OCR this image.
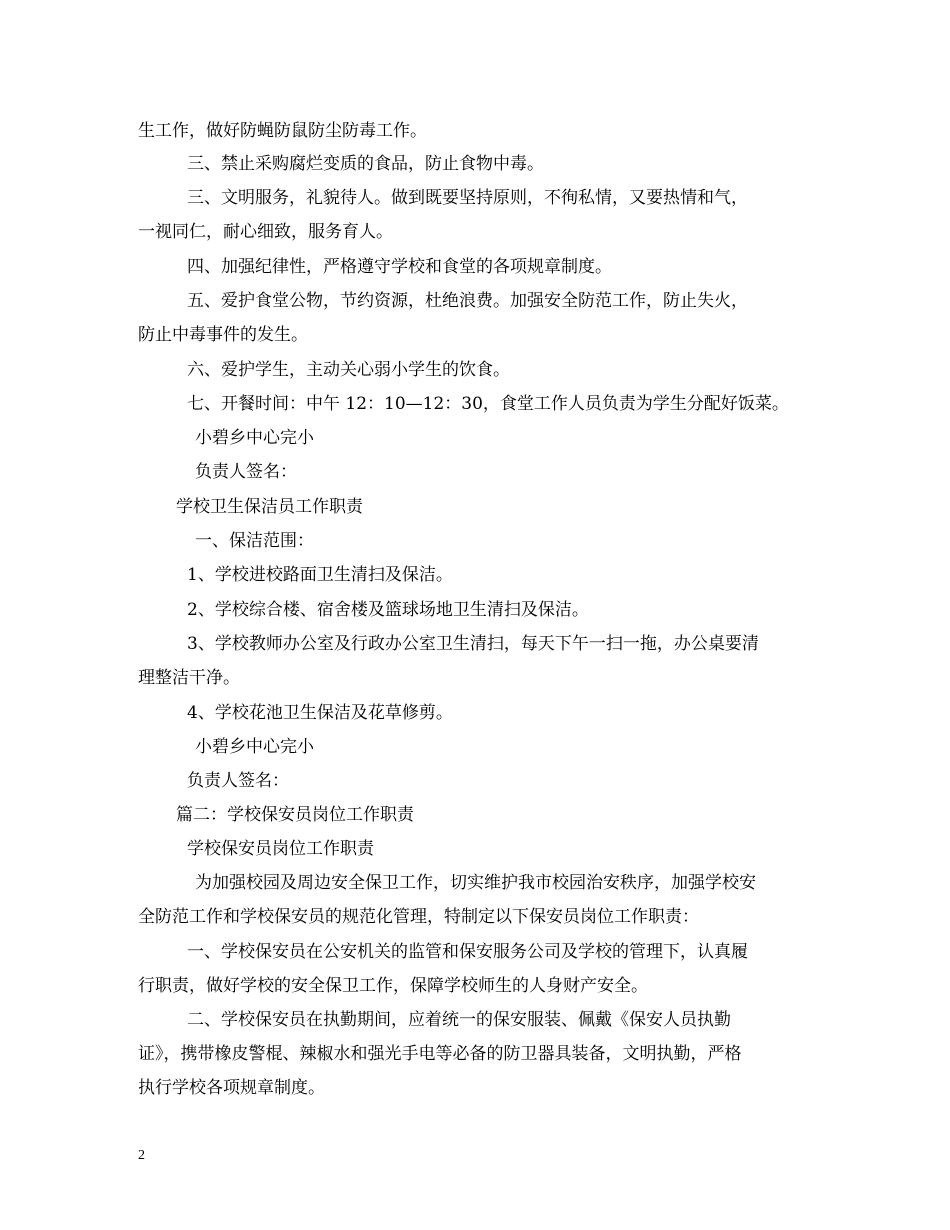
生工作，做好防蝇防鼠防尘防毒工作。
三、禁止采购腐烂变质的食品，防止食物中毒。
三、文明服务，礼貌待人。做到既要坚持原则，不徇私情，又要热情和气，
一视同仁，耐心细致，服务育人。
四、加强纪律性，严格遵守学校和食堂的各项规章制度。
五、爱护食堂公物，节约资源，杜绝浪费。加强安全防范工作，防止失火，
防止中毒事件的发生。
六、爱护学生，主动关心弱小学生的饮食。
七、开餐时间：中午 12：10—12：30，食堂工作人员负责为学生分配好饭菜。
小碧乡中心完小
负责人签名：
学校卫生保洁员工作职责
一、保洁范围：
1、学校进校路面卫生清扫及保洁。
2、学校综合楼、宿舍楼及篮球场地卫生清扫及保洁。
3、学校教师办公室及行政办公室卫生清扫，每天下午一扫一拖，办公桌要清
理整洁干净。
4、学校花池卫生保洁及花草修剪。
小碧乡中心完小
负责人签名：
篇二：学校保安员岗位工作职责
学校保安员岗位工作职责
为加强校园及周边安全保卫工作，切实维护我市校园治安秩序，加强学校安
全防范工作和学校保安员的规范化管理，特制定以下保安员岗位工作职责：
一、学校保安员在公安机关的监管和保安服务公司及学校的管理下，认真履
行职责，做好学校的安全保卫工作，保障学校师生的人身财产安全。
二、学校保安员在执勤期间，应着统一的保安服装、佩戴《保安人员执勤
证》，携带橡皮警棍、辣椒水和强光手电等必备的防卫器具装备，文明执勤，严格
执行学校各项规章制度。
2
